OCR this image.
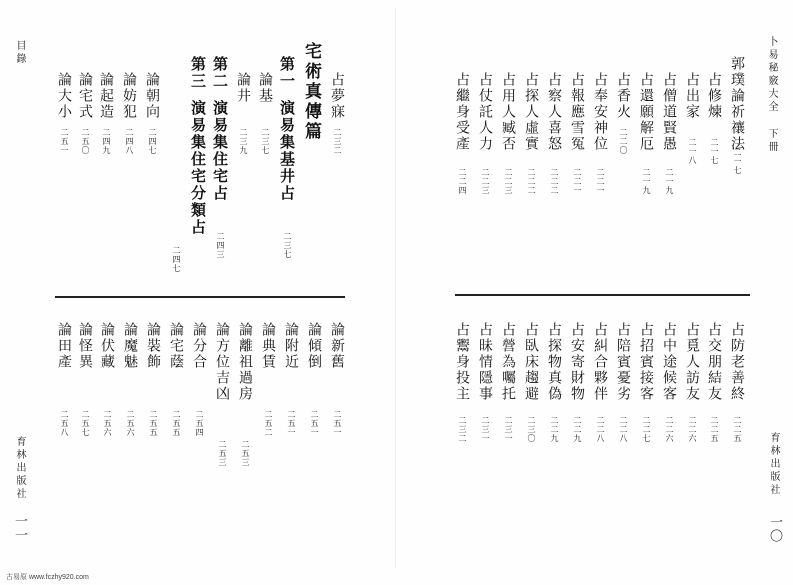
卜易秘竅大全 下冊
育林出版社
一〇
郭璞論祈禳法
二一七
占修煉
二一七
占出家
二一八
占僧道賢愚
二一九
占還願解厄
二一九
占香火
二二〇
占奉安神位
二二一
占報應雪冤
二二一
占察人喜怒
二二二
占探人虛實
二二二
占用人臧否
二二三
占仗託人力
二二三
占繼身受產
二二四
占防老善終
二二五
占交朋結友
二二五
占覓人訪友
二二六
占中途候客
二二六
占招賓接客
二二七
占陪賓憂劣
二二八
占糾合夥伴
二二八
占安寄財物
二二九
占探物真偽
二二九
占臥床趨避
二三〇
占營為囑托
二三一
占昧情隱事
二三一
占鬻身投主
二三二
目錄
育林出版社
一一
占夢寐
二三二
宅術真傳篇
第一
演易集基井占
二三七
第二
演易集住宅占
二四三
第三
演易集住宅分類占
二四七
論基
二三七
論井
二三九
論朝向
二四七
論妨犯
二四八
論起造
二四九
論宅式
二五〇
論大小
二五一
論新舊
二五一
論傾倒
二五一
論附近
二五一
論典賃
二五二
論離祖過房
二五三
論方位吉凶
二五三
論分合
二五四
論宅蔭
二五五
論裝飾
二五五
論魔魅
二五六
論伏藏
二五六
論怪異
二五七
論田產
二五八
古易原 www.fczhy920.com
